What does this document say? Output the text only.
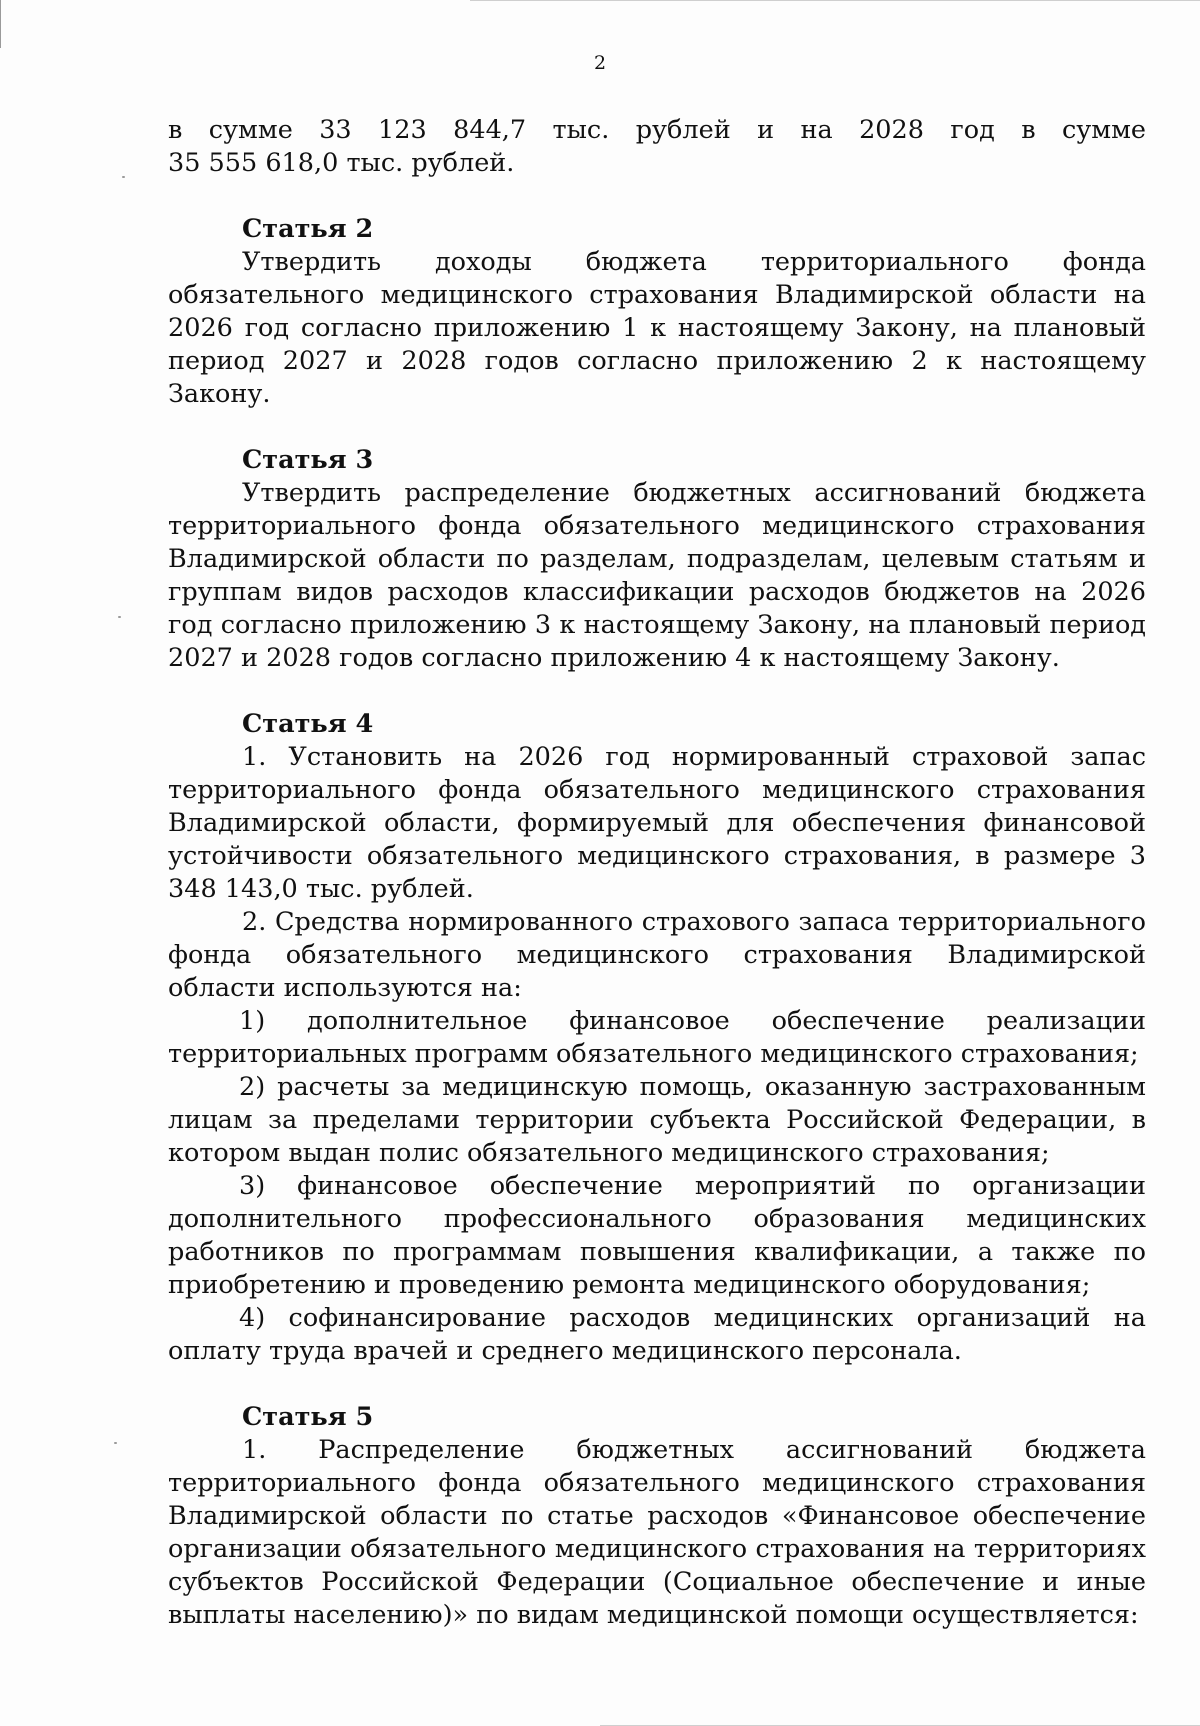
2

в сумме 33 123 844,7 тыс. рублей и на 2028 год в сумме

35 555 618,0 тыс. рублей.

Статья 2

Утвердить доходы бюджета территориального фонда обязательного медицинского страхования Владимирской области на 2026 год согласно приложению 1 к настоящему Закону, на плановый период 2027 и 2028 годов согласно приложению 2 к настоящему Закону.

Статья 3

Утвердить распределение бюджетных ассигнований бюджета территориального фонда обязательного медицинского страхования Владимирской области по разделам, подразделам, целевым статьям и группам видов расходов классификации расходов бюджетов на 2026 год согласно приложению 3 к настоящему Закону, на плановый период 2027 и 2028 годов согласно приложению 4 к настоящему Закону.

Статья 4

1. Установить на 2026 год нормированный страховой запас территориального фонда обязательного медицинского страхования Владимирской области, формируемый для обеспечения финансовой устойчивости обязательного медицинского страхования, в размере 3 348 143,0 тыс. рублей.

2. Средства нормированного страхового запаса территориального фонда обязательного медицинского страхования Владимирской области используются на:

1) дополнительное финансовое обеспечение реализации территориальных программ обязательного медицинского страхования;

2) расчеты за медицинскую помощь, оказанную застрахованным лицам за пределами территории субъекта Российской Федерации, в котором выдан полис обязательного медицинского страхования;

3) финансовое обеспечение мероприятий по организации дополнительного профессионального образования медицинских работников по программам повышения квалификации, а также по приобретению и проведению ремонта медицинского оборудования;

4) софинансирование расходов медицинских организаций на оплату труда врачей и среднего медицинского персонала.

Статья 5

1. Распределение бюджетных ассигнований бюджета территориального фонда обязательного медицинского страхования Владимирской области по статье расходов «Финансовое обеспечение организации обязательного медицинского страхования на территориях субъектов Российской Федерации (Социальное обеспечение и иные выплаты населению)» по видам медицинской помощи осуществляется:
